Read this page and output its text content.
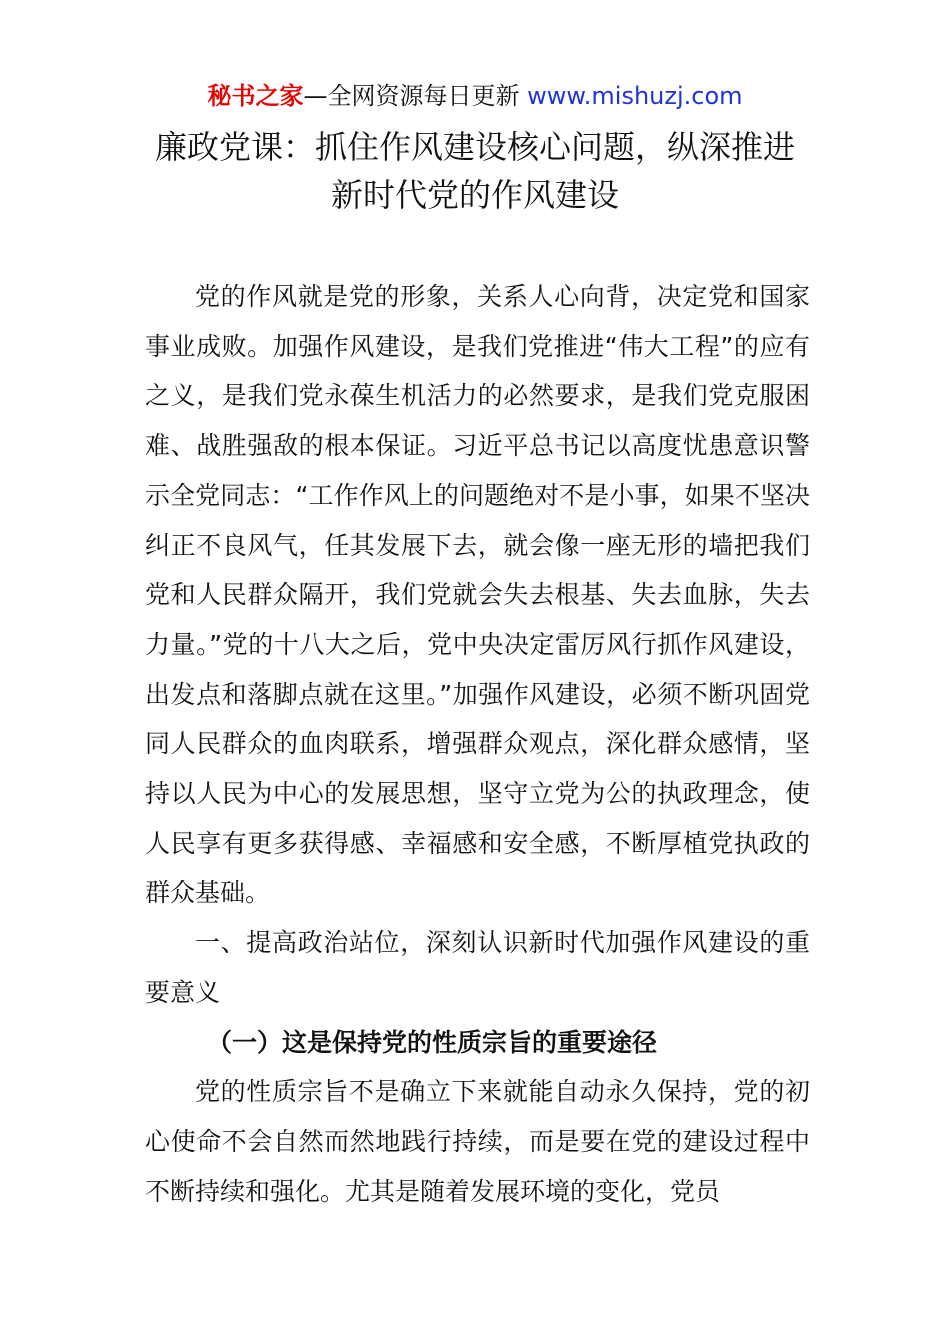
秘书之家—全网资源每日更新 www.mishuzj.com
廉政党课：抓住作风建设核心问题，纵深推进
新时代党的作风建设

党的作风就是党的形象，关系人心向背，决定党和国家事业成败。加强作风建设，是我们党推进“伟大工程”的应有之义，是我们党永葆生机活力的必然要求，是我们党克服困难、战胜强敌的根本保证。习近平总书记以高度忧患意识警示全党同志：“工作作风上的问题绝对不是小事，如果不坚决纠正不良风气，任其发展下去，就会像一座无形的墙把我们党和人民群众隔开，我们党就会失去根基、失去血脉，失去力量。”党的十八大之后，党中央决定雷厉风行抓作风建设，出发点和落脚点就在这里。”加强作风建设，必须不断巩固党同人民群众的血肉联系，增强群众观点，深化群众感情，坚持以人民为中心的发展思想，坚守立党为公的执政理念，使人民享有更多获得感、幸福感和安全感，不断厚植党执政的群众基础。

一、提高政治站位，深刻认识新时代加强作风建设的重要意义

（一）这是保持党的性质宗旨的重要途径

党的性质宗旨不是确立下来就能自动永久保持，党的初心使命不会自然而然地践行持续，而是要在党的建设过程中不断持续和强化。尤其是随着发展环境的变化，党员
